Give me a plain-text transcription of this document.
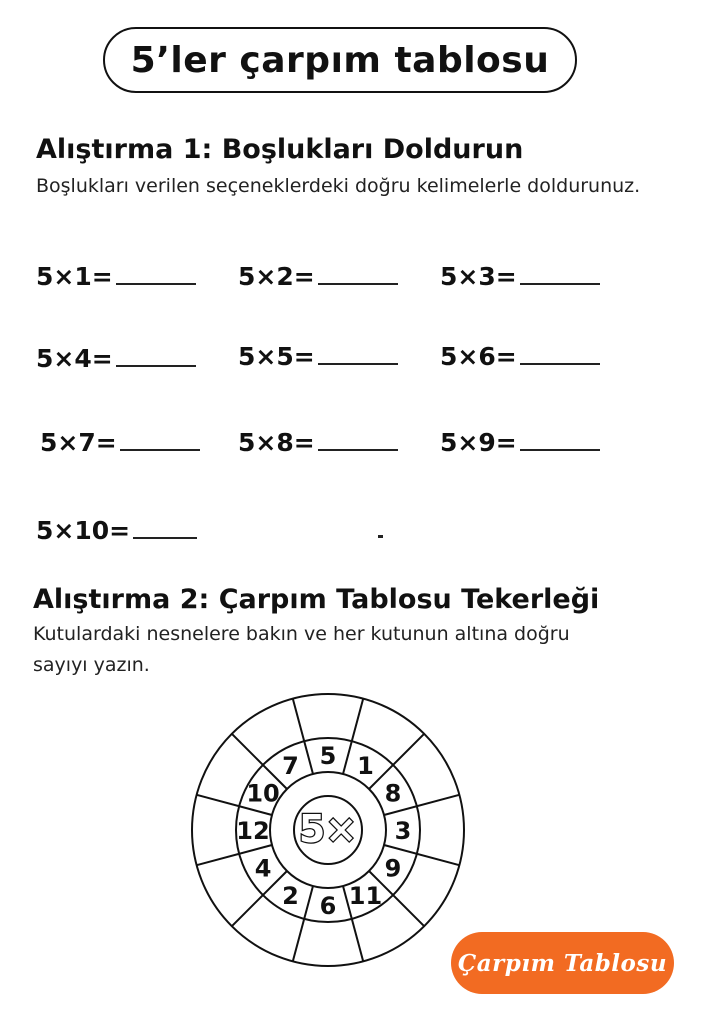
5’ler çarpım tablosu
Alıştırma 1: Boşlukları Doldurun
Boşlukları verilen seçeneklerdeki doğru kelimelerle doldurunuz.
5×1=	5×2=	5×3=
5×4=	5×5=	5×6=
5×7=	5×8=	5×9=
5×10=
Alıştırma 2: Çarpım Tablosu Tekerleği
Kutulardaki nesnelere bakın ve her kutunun altına doğru
sayıyı yazın.
1
8
3
9
11
6
2
4
12
10
7 5
5×
Çarpım Tablosu
